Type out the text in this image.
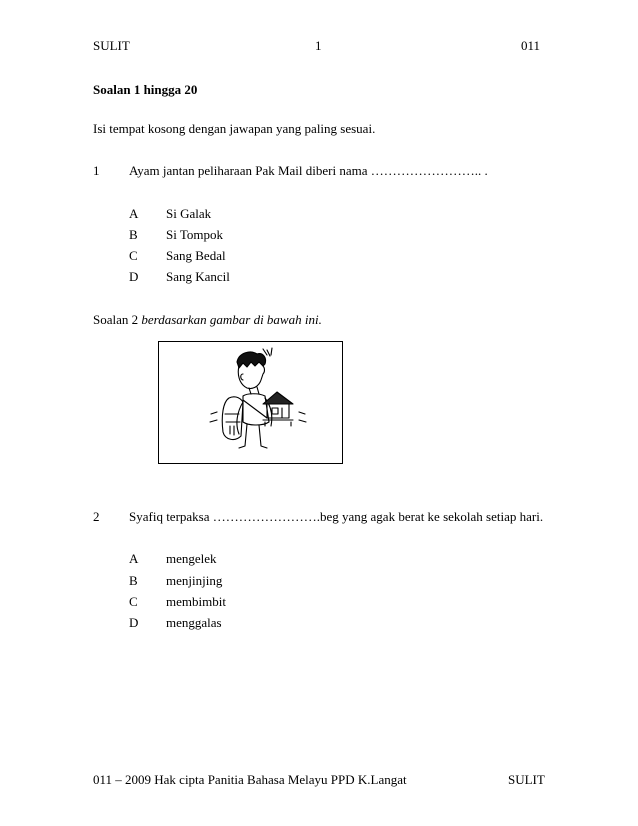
SULIT	1	011
Soalan 1 hingga 20
Isi tempat kosong dengan jawapan yang paling sesuai.
1 Ayam jantan peliharaan Pak Mail diberi nama …………………….. .
A Si Galak
B Si Tompok
C Sang Bedal
D Sang Kancil
Soalan 2 berdasarkan gambar di bawah ini.
2 Syafiq terpaksa …………………….beg yang agak berat ke sekolah setiap hari.
A mengelek
B menjinjing
C membimbit
D menggalas
011 – 2009 Hak cipta Panitia Bahasa Melayu PPD K.Langat	SULIT
